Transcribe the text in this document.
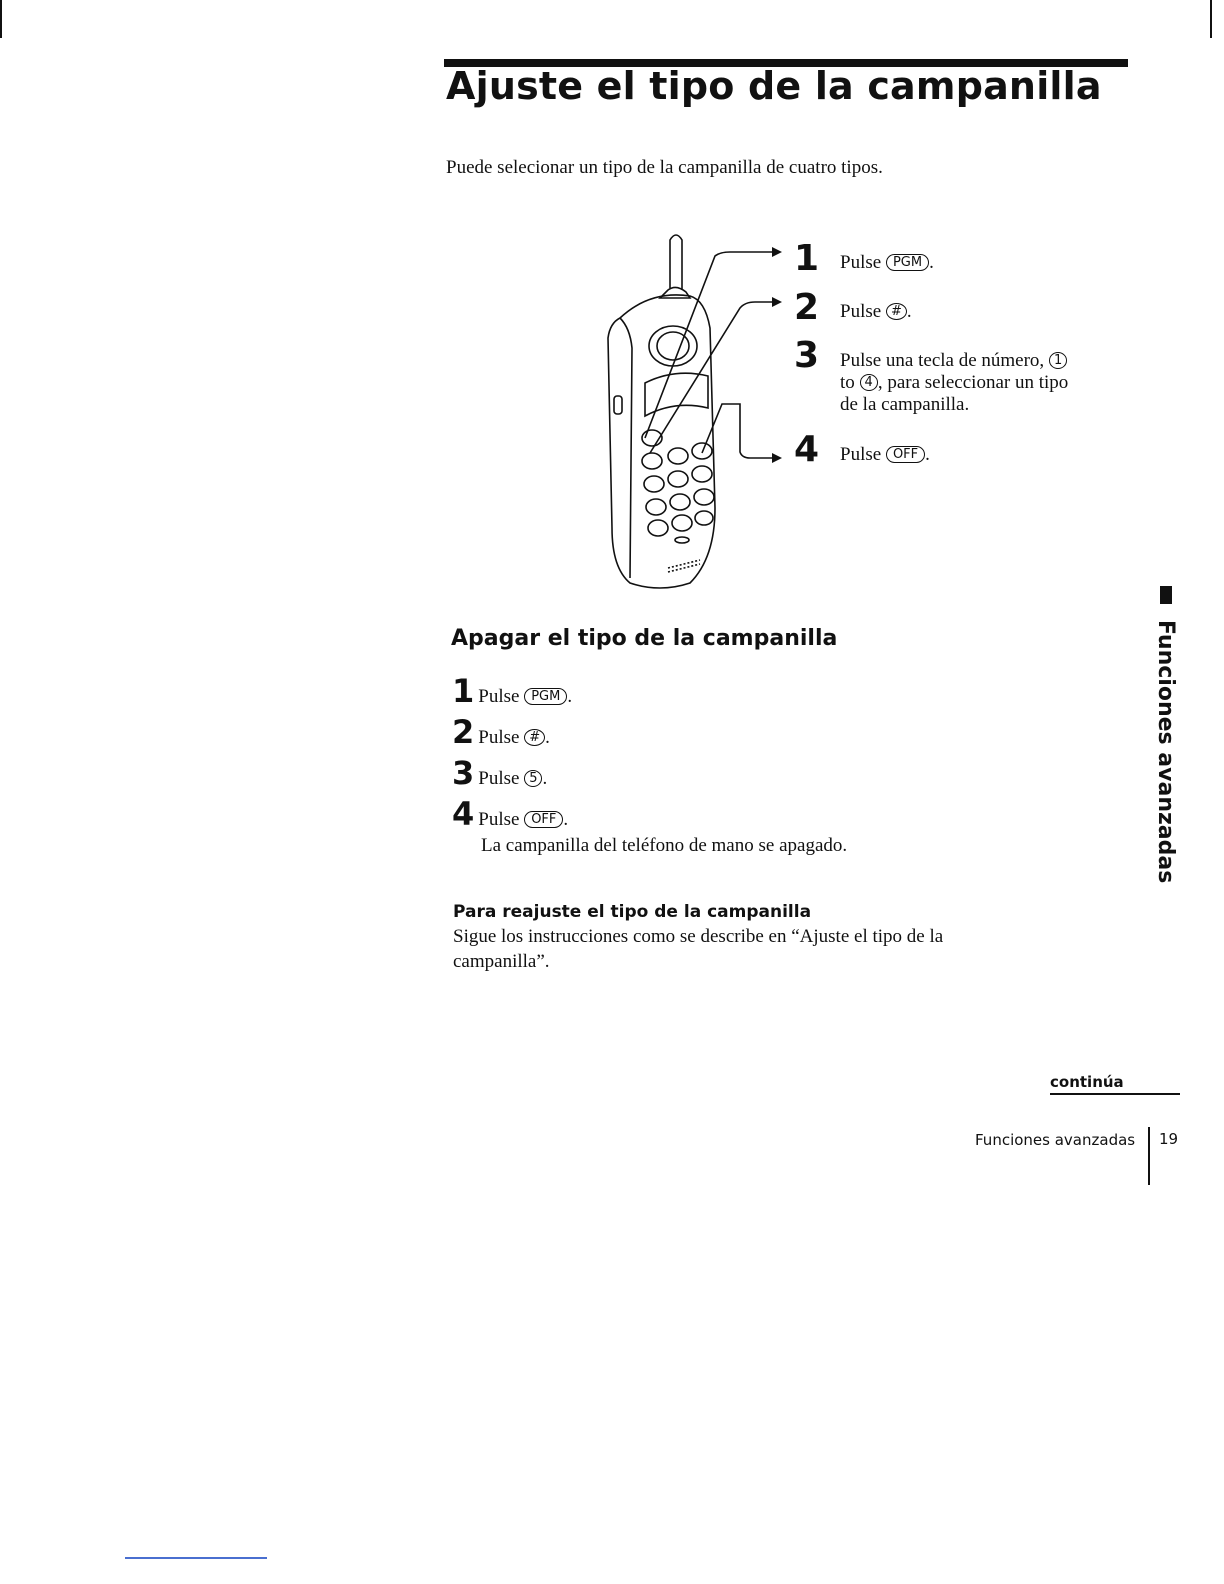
Ajuste el tipo de la campanilla
Puede selecionar un tipo de la campanilla de cuatro tipos.
1 Pulse PGM .
2 Pulse # .
3 Pulse una tecla de número, 1
to 4 , para seleccionar un tipo
de la campanilla.
4 Pulse OFF .
Apagar el tipo de la campanilla
1 Pulse PGM .
2 Pulse # .
3 Pulse 5 .
4 Pulse OFF .
La campanilla del teléfono de mano se apagado.
Para reajuste el tipo de la campanilla
Sigue los instrucciones como se describe en “Ajuste el tipo de la campanilla”.
Funciones avanzadas
continúa
Funciones avanzadas 19
